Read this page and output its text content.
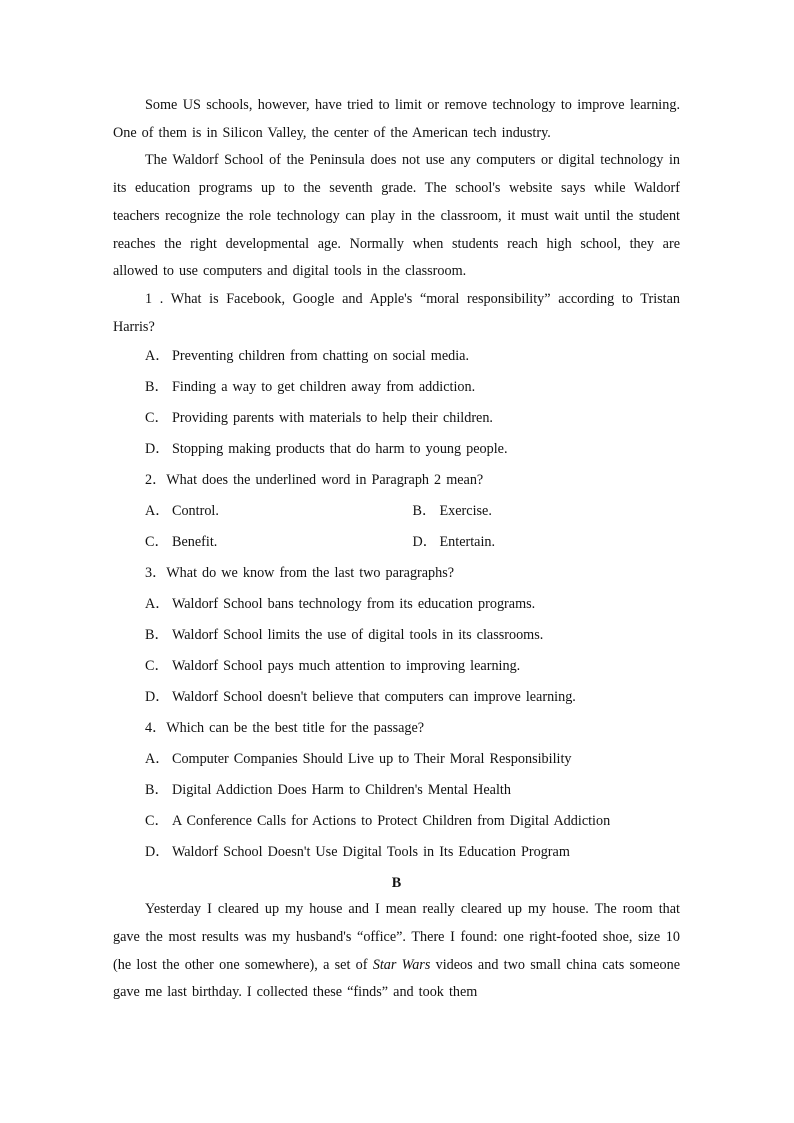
Some US schools, however, have tried to limit or remove technology to improve learning. One of them is in Silicon Valley, the center of the American tech industry.

The Waldorf School of the Peninsula does not use any computers or digital technology in its education programs up to the seventh grade. The school's website says while Waldorf teachers recognize the role technology can play in the classroom, it must wait until the student reaches the right developmental age. Normally when students reach high school, they are allowed to use computers and digital tools in the classroom.

1 . What is Facebook, Google and Apple's “moral responsibility” according to Tristan Harris?

A． Preventing children from chatting on social media.
B． Finding a way to get children away from addiction.
C． Providing parents with materials to help their children.
D． Stopping making products that do harm to young people.
2．What does the underlined word in Paragraph 2 mean?
A． Control.	B． Exercise.
C． Benefit.	D． Entertain.
3．What do we know from the last two paragraphs?
A． Waldorf School bans technology from its education programs.
B． Waldorf School limits the use of digital tools in its classrooms.
C． Waldorf School pays much attention to improving learning.
D． Waldorf School doesn't believe that computers can improve learning.
4．Which can be the best title for the passage?
A． Computer Companies Should Live up to Their Moral Responsibility
B． Digital Addiction Does Harm to Children's Mental Health
C． A Conference Calls for Actions to Protect Children from Digital Addiction
D． Waldorf School Doesn't Use Digital Tools in Its Education Program
B

Yesterday I cleared up my house and I mean really cleared up my house. The room that gave the most results was my husband's “office”. There I found: one right-footed shoe, size 10 (he lost the other one somewhere), a set of Star Wars videos and two small china cats someone gave me last birthday. I collected these “finds” and took them
